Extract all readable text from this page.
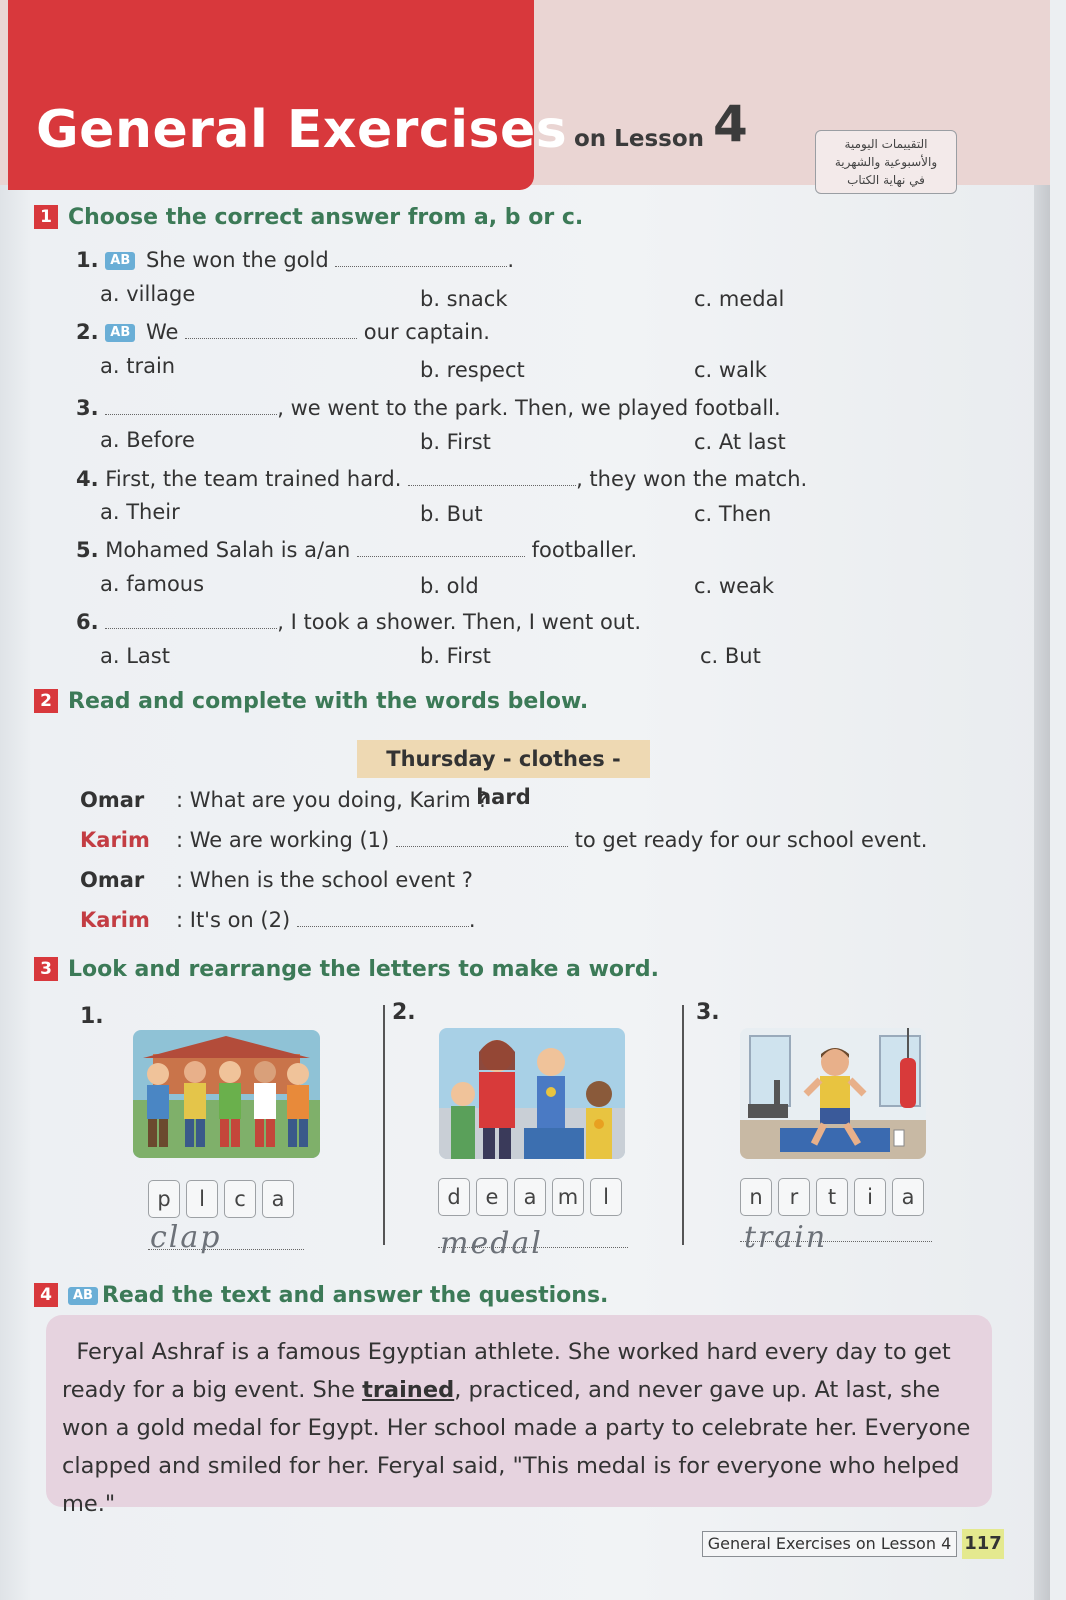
General Exercises on Lesson 4	التقييمات اليومية
والأسبوعية والشهرية
في نهاية الكتاب
1 Choose the correct answer from a, b or c.
1. AB She won the gold	.
a. village	b. snack	c. medal
2. AB We	our captain.
a. train	b. respect	c. walk
3.	, we went to the park. Then, we played football.
a. Before	b. First	c. At last
4. First, the team trained hard.	, they won the match.
a. Their	b. But	c. Then
5. Mohamed Salah is a/an	footballer.
a. famous	b. old	c. weak
6.	, I took a shower. Then, I went out.
a. Last	b. First	c. But
2 Read and complete with the words below.
Thursday - clothes - hard
Omar : What are you doing, Karim ?
Karim : We are working (1)	to get ready for our school event.
Omar : When is the school event ?
Karim : It's on (2)	.
3 Look and rearrange the letters to make a word.
1.	2.	3.
p	l	c	a	d	e	a	m	l	n	r	t	i	a
clap	medal	train
4 AB Read the text and answer the questions.

Feryal Ashraf is a famous Egyptian athlete. She worked hard every day to get ready for a big event. She trained, practiced, and never gave up. At last, she won a gold medal for Egypt. Her school made a party to celebrate her. Everyone clapped and smiled for her. Feryal said, "This medal is for everyone who helped me."

General Exercises on Lesson 4 117
